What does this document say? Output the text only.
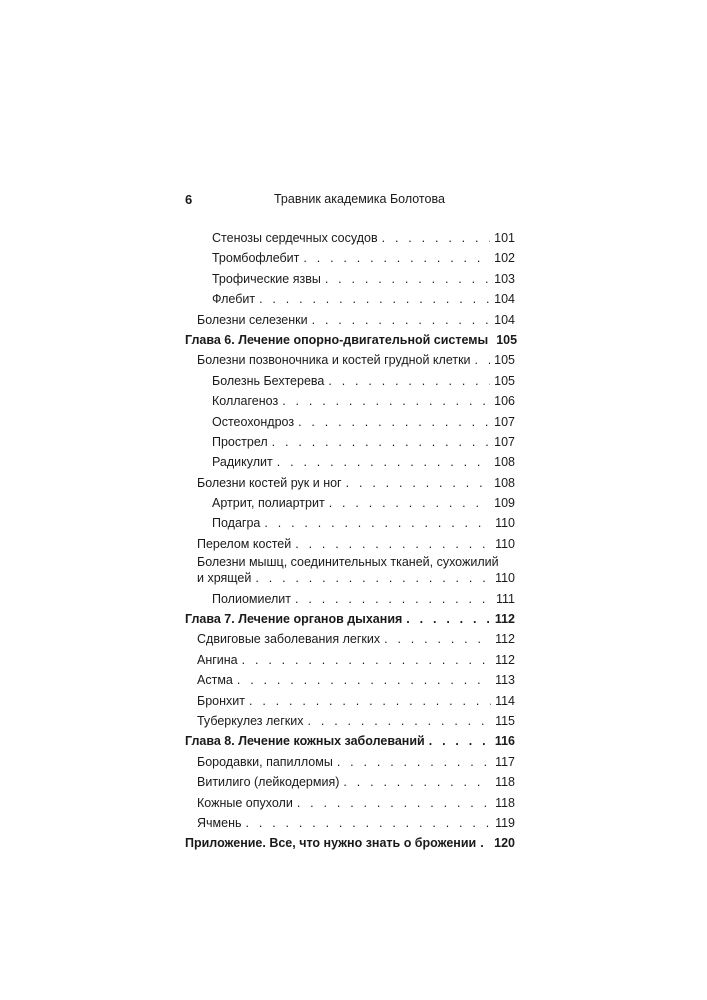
6	Травник академика Болотова
Стенозы сердечных сосудов . . .	101
Тромбофлебит . . .	102
Трофические язвы . . .	103
Флебит . . .	104
Болезни селезенки . . .	104
Глава 6. Лечение опорно-двигательной системы 105
Болезни позвоночника и костей грудной клетки . . . 105
Болезнь Бехтерева . . .	105
Коллагеноз . . .	106
Остеохондроз . . .	107
Прострел . . .	107
Радикулит . . .	108
Болезни костей рук и ног . . .	108
Артрит, полиартрит . . .	109
Подагра . . .	110
Перелом костей . . .	110
Болезни мышц, соединительных тканей, сухожилий
и хрящей . . .	110
Полиомиелит . . .	111
Глава 7. Лечение органов дыхания . . .	112
Сдвиговые заболевания легких . . .	112
Ангина . . .	112
Астма . . .	113
Бронхит . . .	114
Туберкулез легких . . .	115
Глава 8. Лечение кожных заболеваний . . .	116
Бородавки, папилломы . . .	117
Витилиго (лейкодермия) . . .	118
Кожные опухоли . . .	118
Ячмень . . .	119
Приложение. Все, что нужно знать о брожении . . . 120
